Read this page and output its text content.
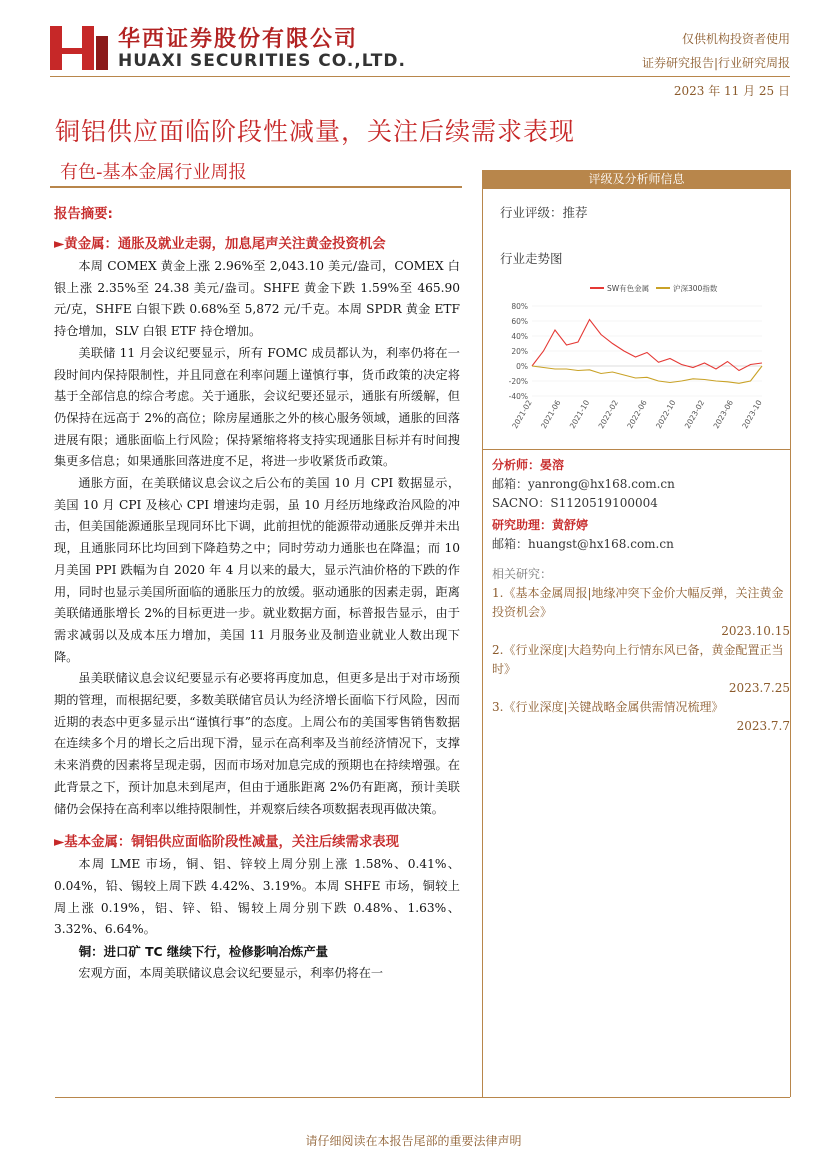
华西证券股份有限公司
HUAXI SECURITIES CO.,LTD.
仅供机构投资者使用
证券研究报告|行业研究周报
2023 年 11 月 25 日
铜铝供应面临阶段性减量，关注后续需求表现
有色-基本金属行业周报
报告摘要:
►黄金属：通胀及就业走弱，加息尾声关注黄金投资机会

本周 COMEX 黄金上涨 2.96%至 2,043.10 美元/盎司，COMEX 白银上涨 2.35%至 24.38 美元/盎司。SHFE 黄金下跌 1.59%至 465.90 元/克，SHFE 白银下跌 0.68%至 5,872 元/千克。本周 SPDR 黄金 ETF 持仓增加，SLV 白银 ETF 持仓增加。

美联储 11 月会议纪要显示，所有 FOMC 成员都认为，利率仍将在一段时间内保持限制性，并且同意在利率问题上谨慎行事，货币政策的决定将基于全部信息的综合考虑。关于通胀，会议纪要还显示，通胀有所缓解，但仍保持在远高于 2%的高位；除房屋通胀之外的核心服务领域，通胀的回落进展有限；通胀面临上行风险；保持紧缩将将支持实现通胀目标并有时间搜集更多信息；如果通胀回落进度不足，将进一步收紧货币政策。

通胀方面，在美联储议息会议之后公布的美国 10 月 CPI 数据显示，美国 10 月 CPI 及核心 CPI 增速均走弱，虽 10 月经历地缘政治风险的冲击，但美国能源通胀呈现同环比下调，此前担忧的能源带动通胀反弹并未出现，且通胀同环比均回到下降趋势之中；同时劳动力通胀也在降温；而 10 月美国 PPI 跌幅为自 2020 年 4 月以来的最大，显示汽油价格的下跌的作用，同时也显示美国所面临的通胀压力的放缓。驱动通胀的因素走弱，距离美联储通胀增长 2%的目标更进一步。就业数据方面，标普报告显示，由于需求减弱以及成本压力增加，美国 11 月服务业及制造业就业人数出现下降。

虽美联储议息会议纪要显示有必要将再度加息，但更多是出于对市场预期的管理，而根据纪要，多数美联储官员认为经济增长面临下行风险，因而近期的表态中更多显示出“谨慎行事”的态度。上周公布的美国零售销售数据在连续多个月的增长之后出现下滑，显示在高利率及当前经济情况下，支撑未来消费的因素将呈现走弱，因而市场对加息完成的预期也在持续增强。在此背景之下，预计加息未到尾声，但由于通胀距离 2%仍有距离，预计美联储仍会保持在高利率以维持限制性，并观察后续各项数据表现再做决策。

►基本金属：铜铝供应面临阶段性减量，关注后续需求表现

本周 LME 市场，铜、铝、锌较上周分别上涨 1.58%、0.41%、0.04%，铅、锡较上周下跌 4.42%、3.19%。本周 SHFE 市场，铜较上周上涨 0.19%，铝、锌、铅、锡较上周分别下跌 0.48%、1.63%、3.32%、6.64%。

铜：进口矿 TC 继续下行，检修影响冶炼产量

宏观方面，本周美联储议息会议纪要显示，利率仍将在一

评级及分析师信息
行业评级：推荐
行业走势图
80%
60%
40%
20%
0%
-20%
-40%
2021-02 2021-06 2021-10 2022-02 2022-06 2022-10 2023-02 2023-06 2023-10
SW有色金属	沪深300指数
分析师：晏溶
邮箱：yanrong@hx168.com.cn
SACNO：S1120519100004
研究助理：黄舒婷
邮箱：huangst@hx168.com.cn
相关研究：
1.《基本金属周报|地缘冲突下金价大幅反弹，关注黄金投资机会》
2023.10.15
2.《行业深度|大趋势向上行情东风已备，黄金配置正当时》
2023.7.25
3.《行业深度|关键战略金属供需情况梳理》
2023.7.7
请仔细阅读在本报告尾部的重要法律声明
